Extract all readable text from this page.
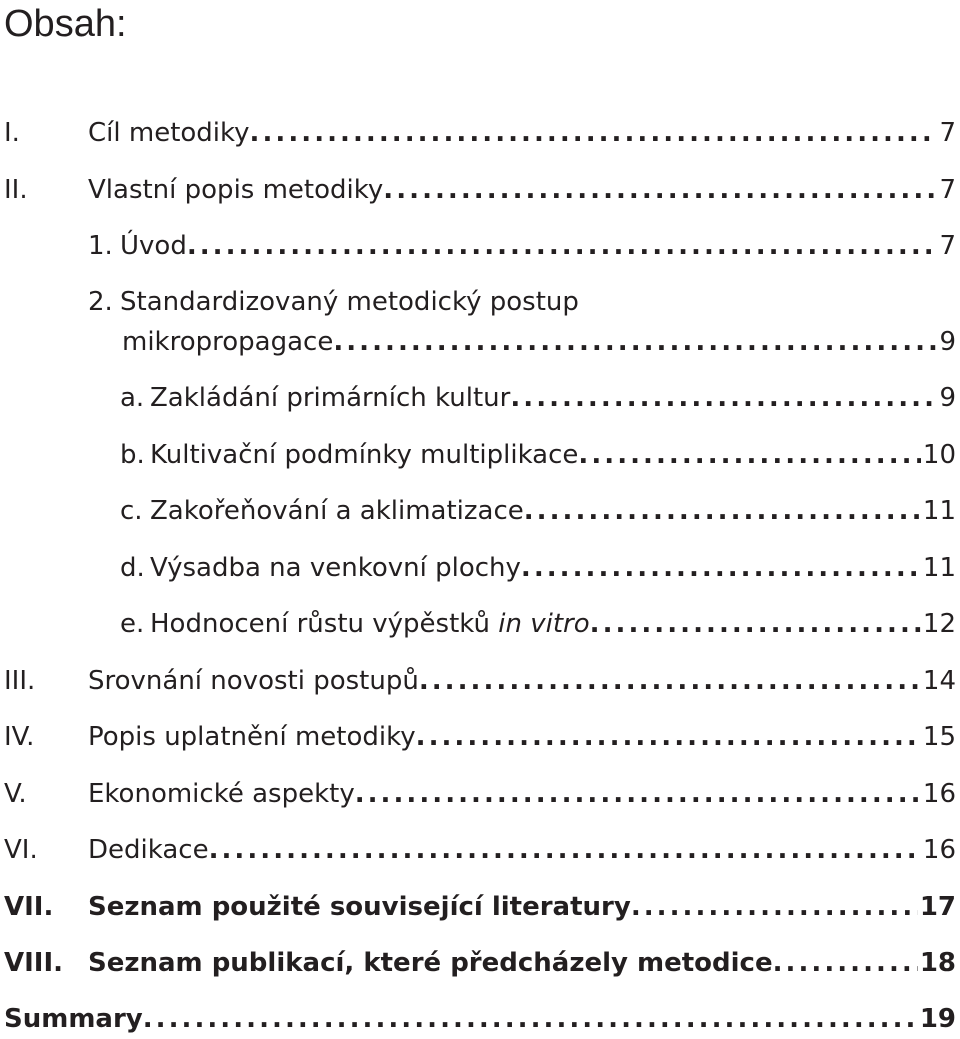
Obsah:
I.	Cíl metodiky . . .	7
II. Vlastní popis metodiky . . .	7
1. Úvod . . .	7
2. Standardizovaný metodický postup
mikropropagace . . .	9
a. Zakládání primárních kultur . . .	9
b. Kultivační podmínky multiplikace . . .	10
c. Zakořeňování a aklimatizace . . .	11
d. Výsadba na venkovní plochy . . .	11
e. Hodnocení růstu výpěstků in vitro . . .	12
III. Srovnání novosti postupů . . .	14
IV. Popis uplatnění metodiky . . .	15
V. Ekonomické aspekty . . .	16
VI. Dedikace . . .	16
VII. Seznam použité související literatury . . .	17
VIII. Seznam publikací, které předcházely metodice . . .	18
Summary . . .	19
